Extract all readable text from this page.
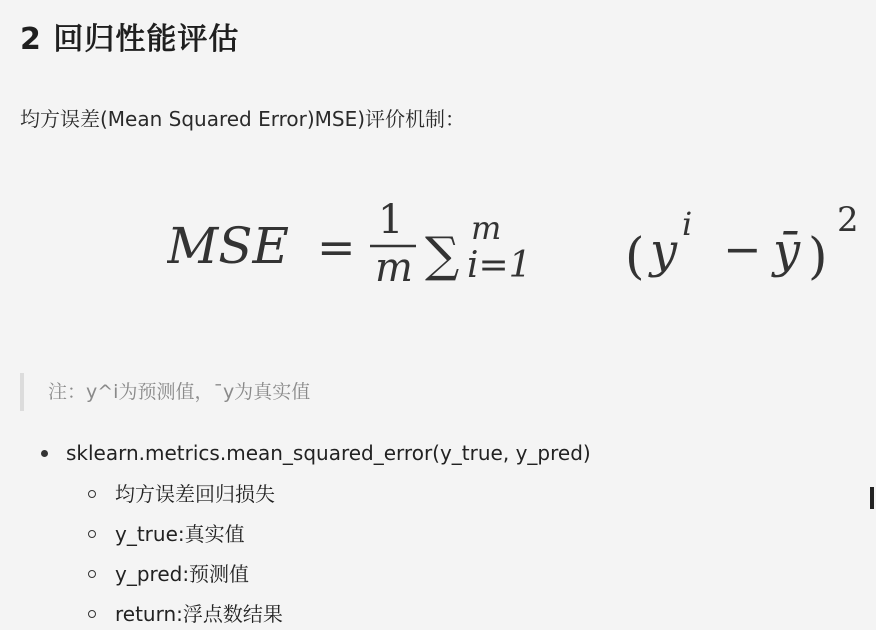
2 回归性能评估

均方误差(Mean Squared Error)MSE)评价机制：

MSE = 1
m ∑ m
i=1 ( y i − ȳ )
2
注：y^i为预测值，¯y为真实值
sklearn.metrics.mean_squared_error(y_true, y_pred)
均方误差回归损失
y_true:真实值
y_pred:预测值
return:浮点数结果
